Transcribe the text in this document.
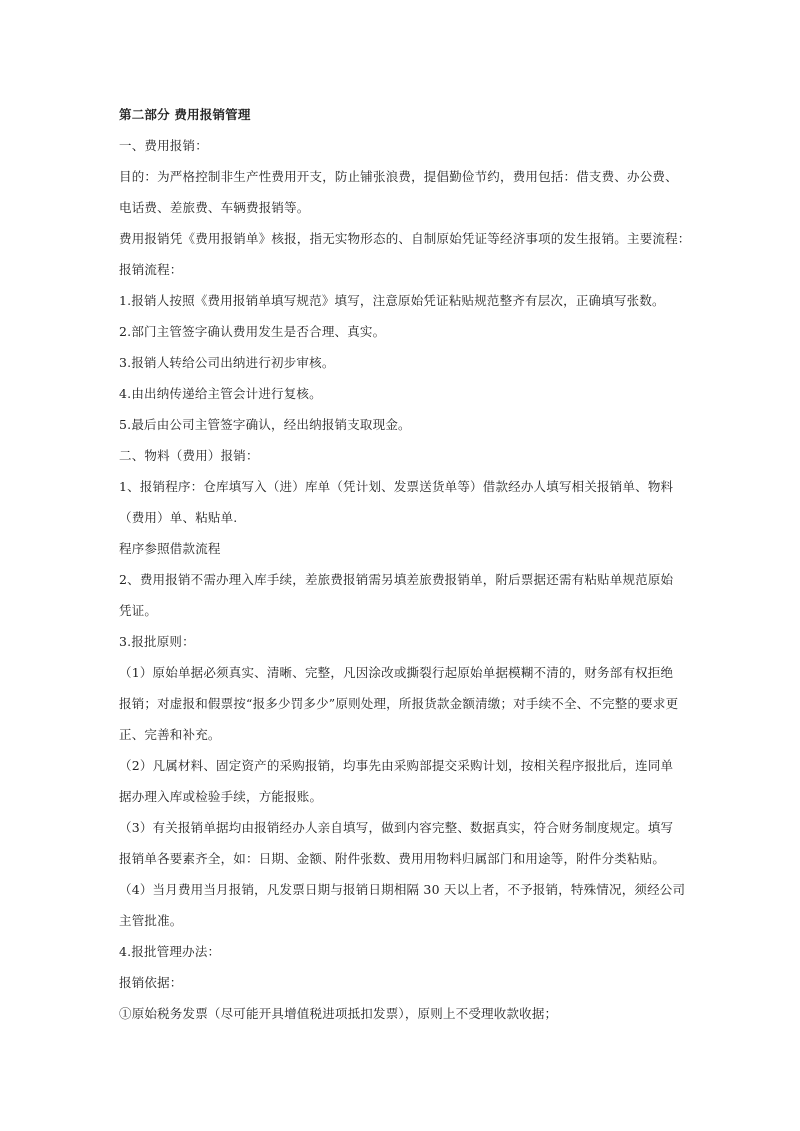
第二部分 费用报销管理
一、费用报销：
目的：为严格控制非生产性费用开支，防止铺张浪费，提倡勤俭节约，费用包括：借支费、办公费、
电话费、差旅费、车辆费报销等。
费用报销凭《费用报销单》核报，指无实物形态的、自制原始凭证等经济事项的发生报销。主要流程：
报销流程：
1.报销人按照《费用报销单填写规范》填写，注意原始凭证粘贴规范整齐有层次，正确填写张数。
2.部门主管签字确认费用发生是否合理、真实。
3.报销人转给公司出纳进行初步审核。
4.由出纳传递给主管会计进行复核。
5.最后由公司主管签字确认，经出纳报销支取现金。
二、物料（费用）报销：
1、报销程序：仓库填写入（进）库单（凭计划、发票送货单等）借款经办人填写相关报销单、物料
（费用）单、粘贴单.
程序参照借款流程
2、费用报销不需办理入库手续，差旅费报销需另填差旅费报销单，附后票据还需有粘贴单规范原始
凭证。
3.报批原则：
（1）原始单据必须真实、清晰、完整，凡因涂改或撕裂行起原始单据模糊不清的，财务部有权拒绝
报销；对虚报和假票按“报多少罚多少”原则处理，所报货款金额清缴；对手续不全、不完整的要求更
正、完善和补充。
（2）凡属材料、固定资产的采购报销，均事先由采购部提交采购计划，按相关程序报批后，连同单
据办理入库或检验手续，方能报账。
（3）有关报销单据均由报销经办人亲自填写，做到内容完整、数据真实，符合财务制度规定。填写
报销单各要素齐全，如：日期、金额、附件张数、费用用物料归属部门和用途等，附件分类粘贴。
（4）当月费用当月报销，凡发票日期与报销日期相隔 30 天以上者，不予报销，特殊情况，须经公司
主管批准。
4.报批管理办法：
报销依据：
①原始税务发票（尽可能开具增值税进项抵扣发票），原则上不受理收款收据；
